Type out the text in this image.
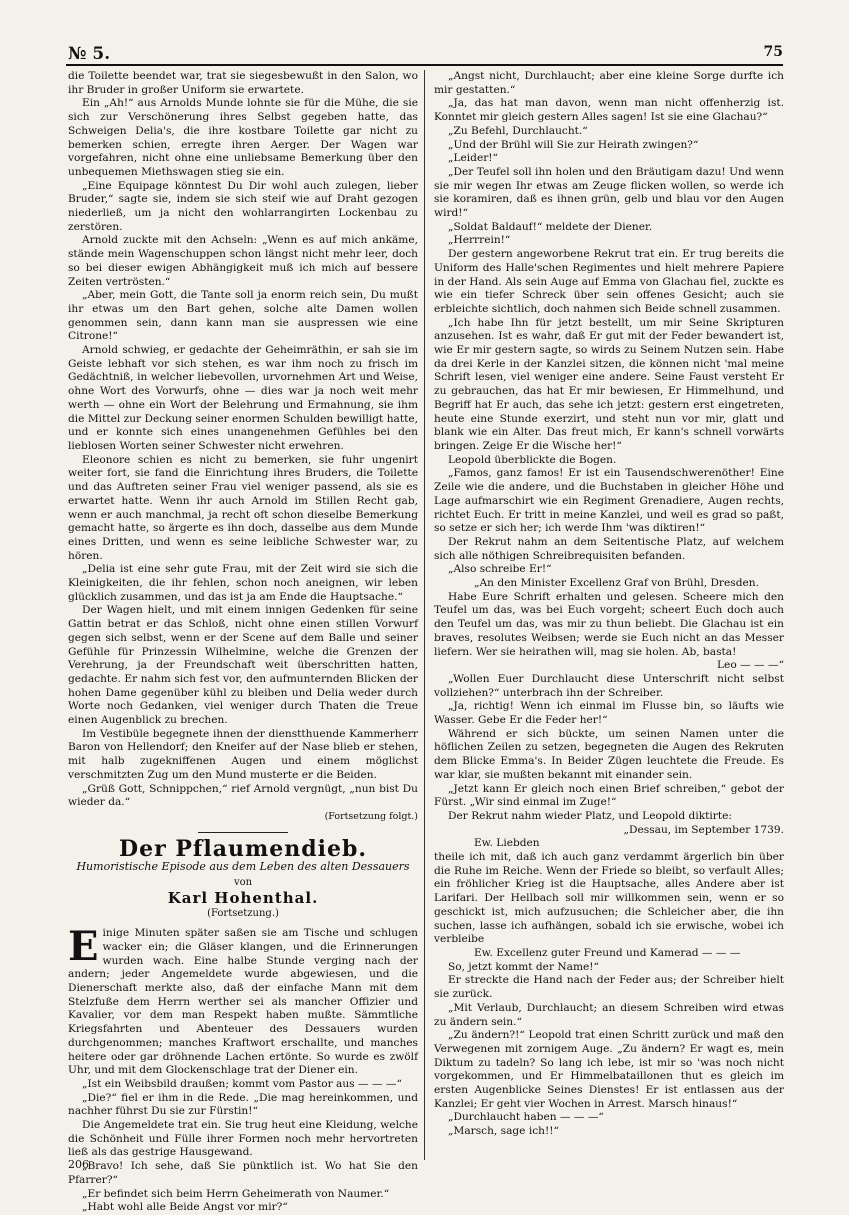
№ 5.	75

die Toilette beendet war, trat sie siegesbewußt in den Salon, wo ihr Bruder in großer Uniform sie erwartete.

Ein „Ah!“ aus Arnolds Munde lohnte sie für die Mühe, die sie sich zur Verschönerung ihres Selbst gegeben hatte, das Schweigen Delia's, die ihre kostbare Toilette gar nicht zu bemerken schien, erregte ihren Aerger. Der Wagen war vorgefahren, nicht ohne eine unliebsame Bemerkung über den unbequemen Miethswagen stieg sie ein.

„Eine Equipage könntest Du Dir wohl auch zulegen, lieber Bruder,“ sagte sie, indem sie sich steif wie auf Draht gezogen niederließ, um ja nicht den wohlarrangirten Lockenbau zu zerstören.

Arnold zuckte mit den Achseln: „Wenn es auf mich ankäme, stände mein Wagenschuppen schon längst nicht mehr leer, doch so bei dieser ewigen Abhängigkeit muß ich mich auf bessere Zeiten vertrösten.“

„Aber, mein Gott, die Tante soll ja enorm reich sein, Du mußt ihr etwas um den Bart gehen, solche alte Damen wollen genommen sein, dann kann man sie auspressen wie eine Citrone!“

Arnold schwieg, er gedachte der Geheimräthin, er sah sie im Geiste lebhaft vor sich stehen, es war ihm noch zu frisch im Gedächtniß, in welcher liebevollen, urvornehmen Art und Weise, ohne Wort des Vorwurfs, ohne — dies war ja noch weit mehr werth — ohne ein Wort der Belehrung und Ermahnung, sie ihm die Mittel zur Deckung seiner enormen Schulden bewilligt hatte, und er konnte sich eines unangenehmen Gefühles bei den lieblosen Worten seiner Schwester nicht erwehren.

Eleonore schien es nicht zu bemerken, sie fuhr ungenirt weiter fort, sie fand die Einrichtung ihres Bruders, die Toilette und das Auftreten seiner Frau viel weniger passend, als sie es erwartet hatte. Wenn ihr auch Arnold im Stillen Recht gab, wenn er auch manchmal, ja recht oft schon dieselbe Bemerkung gemacht hatte, so ärgerte es ihn doch, dasselbe aus dem Munde eines Dritten, und wenn es seine leibliche Schwester war, zu hören.

„Delia ist eine sehr gute Frau, mit der Zeit wird sie sich die Kleinigkeiten, die ihr fehlen, schon noch aneignen, wir leben glücklich zusammen, und das ist ja am Ende die Hauptsache.“

Der Wagen hielt, und mit einem innigen Gedenken für seine Gattin betrat er das Schloß, nicht ohne einen stillen Vorwurf gegen sich selbst, wenn er der Scene auf dem Balle und seiner Gefühle für Prinzessin Wilhelmine, welche die Grenzen der Verehrung, ja der Freundschaft weit überschritten hatten, gedachte. Er nahm sich fest vor, den aufmunternden Blicken der hohen Dame gegenüber kühl zu bleiben und Delia weder durch Worte noch Gedanken, viel weniger durch Thaten die Treue einen Augenblick zu brechen.

Im Vestibüle begegnete ihnen der dienstthuende Kammerherr Baron von Hellendorf; den Kneifer auf der Nase blieb er stehen, mit halb zugekniffenen Augen und einem möglichst verschmitzten Zug um den Mund musterte er die Beiden.

„Grüß Gott, Schnippchen,“ rief Arnold vergnügt, „nun bist Du wieder da.“

(Fortsetzung folgt.)
Der Pflaumendieb.
Humoristische Episode aus dem Leben des alten Dessauers
von
Karl Hohenthal.
(Fortsetzung.)

Einige Minuten später saßen sie am Tische und schlugen wacker ein; die Gläser klangen, und die Erinnerungen wurden wach. Eine halbe Stunde verging nach der andern; jeder Angemeldete wurde abgewiesen, und die Dienerschaft merkte also, daß der einfache Mann mit dem Stelzfuße dem Herrn werther sei als mancher Offizier und Kavalier, vor dem man Respekt haben mußte. Sämmtliche Kriegsfahrten und Abenteuer des Dessauers wurden durchgenommen; manches Kraftwort erschallte, und manches heitere oder gar dröhnende Lachen ertönte. So wurde es zwölf Uhr, und mit dem Glockenschlage trat der Diener ein.

„Ist ein Weibsbild draußen; kommt vom Pastor aus — — —“

„Die?“ fiel er ihm in die Rede. „Die mag hereinkommen, und nachher führst Du sie zur Fürstin!“

Die Angemeldete trat ein. Sie trug heut eine Kleidung, welche die Schönheit und Fülle ihrer Formen noch mehr hervortreten ließ als das gestrige Hausgewand.

„Bravo! Ich sehe, daß Sie pünktlich ist. Wo hat Sie den Pfarrer?“

„Er befindet sich beim Herrn Geheimerath von Naumer.“

„Habt wohl alle Beide Angst vor mir?“

„Angst nicht, Durchlaucht; aber eine kleine Sorge durfte ich mir gestatten.“

„Ja, das hat man davon, wenn man nicht offenherzig ist. Konntet mir gleich gestern Alles sagen! Ist sie eine Glachau?“

„Zu Befehl, Durchlaucht.“

„Und der Brühl will Sie zur Heirath zwingen?“

„Leider!“

„Der Teufel soll ihn holen und den Bräutigam dazu! Und wenn sie mir wegen Ihr etwas am Zeuge flicken wollen, so werde ich sie koramiren, daß es ihnen grün, gelb und blau vor den Augen wird!“

„Soldat Baldauf!“ meldete der Diener.

„Herrrein!“

Der gestern angeworbene Rekrut trat ein. Er trug bereits die Uniform des Halle'schen Regimentes und hielt mehrere Papiere in der Hand. Als sein Auge auf Emma von Glachau fiel, zuckte es wie ein tiefer Schreck über sein offenes Gesicht; auch sie erbleichte sichtlich, doch nahmen sich Beide schnell zusammen.

„Ich habe Ihn für jetzt bestellt, um mir Seine Skripturen anzusehen. Ist es wahr, daß Er gut mit der Feder bewandert ist, wie Er mir gestern sagte, so wirds zu Seinem Nutzen sein. Habe da drei Kerle in der Kanzlei sitzen, die können nicht 'mal meine Schrift lesen, viel weniger eine andere. Seine Faust versteht Er zu gebrauchen, das hat Er mir bewiesen, Er Himmelhund, und Begriff hat Er auch, das sehe ich jetzt: gestern erst eingetreten, heute eine Stunde exerzirt, und steht nun vor mir, glatt und blank wie ein Alter. Das freut mich, Er kann's schnell vorwärts bringen. Zeige Er die Wische her!“

Leopold überblickte die Bogen.

„Famos, ganz famos! Er ist ein Tausendschwerenöther! Eine Zeile wie die andere, und die Buchstaben in gleicher Höhe und Lage aufmarschirt wie ein Regiment Grenadiere, Augen rechts, richtet Euch. Er tritt in meine Kanzlei, und weil es grad so paßt, so setze er sich her; ich werde Ihm 'was diktiren!“

Der Rekrut nahm an dem Seitentische Platz, auf welchem sich alle nöthigen Schreibrequisiten befanden.

„Also schreibe Er!“

„An den Minister Excellenz Graf von Brühl, Dresden.

Habe Eure Schrift erhalten und gelesen. Scheere mich den Teufel um das, was bei Euch vorgeht; scheert Euch doch auch den Teufel um das, was mir zu thun beliebt. Die Glachau ist ein braves, resolutes Weibsen; werde sie Euch nicht an das Messer liefern. Wer sie heirathen will, mag sie holen. Ab, basta!

Leo — — —“

„Wollen Euer Durchlaucht diese Unterschrift nicht selbst vollziehen?“ unterbrach ihn der Schreiber.

„Ja, richtig! Wenn ich einmal im Flusse bin, so läufts wie Wasser. Gebe Er die Feder her!“

Während er sich bückte, um seinen Namen unter die höflichen Zeilen zu setzen, begegneten die Augen des Rekruten dem Blicke Emma's. In Beider Zügen leuchtete die Freude. Es war klar, sie mußten bekannt mit einander sein.

„Jetzt kann Er gleich noch einen Brief schreiben,“ gebot der Fürst. „Wir sind einmal im Zuge!“

Der Rekrut nahm wieder Platz, und Leopold diktirte:

„Dessau, im September 1739.

Ew. Liebden

theile ich mit, daß ich auch ganz verdammt ärgerlich bin über die Ruhe im Reiche. Wenn der Friede so bleibt, so verfault Alles; ein fröhlicher Krieg ist die Hauptsache, alles Andere aber ist Larifari. Der Hellbach soll mir willkommen sein, wenn er so geschickt ist, mich aufzusuchen; die Schleicher aber, die ihn suchen, lasse ich aufhängen, sobald ich sie erwische, wobei ich verbleibe

Ew. Excellenz guter Freund und Kamerad — — —

So, jetzt kommt der Name!“

Er streckte die Hand nach der Feder aus; der Schreiber hielt sie zurück.

„Mit Verlaub, Durchlaucht; an diesem Schreiben wird etwas zu ändern sein.“

„Zu ändern?!“ Leopold trat einen Schritt zurück und maß den Verwegenen mit zornigem Auge. „Zu ändern? Er wagt es, mein Diktum zu tadeln? So lang ich lebe, ist mir so 'was noch nicht vorgekommen, und Er Himmelbataillonen thut es gleich im ersten Augenblicke Seines Dienstes! Er ist entlassen aus der Kanzlei; Er geht vier Wochen in Arrest. Marsch hinaus!“

„Durchlaucht haben — — —“

„Marsch, sage ich!!“

206
